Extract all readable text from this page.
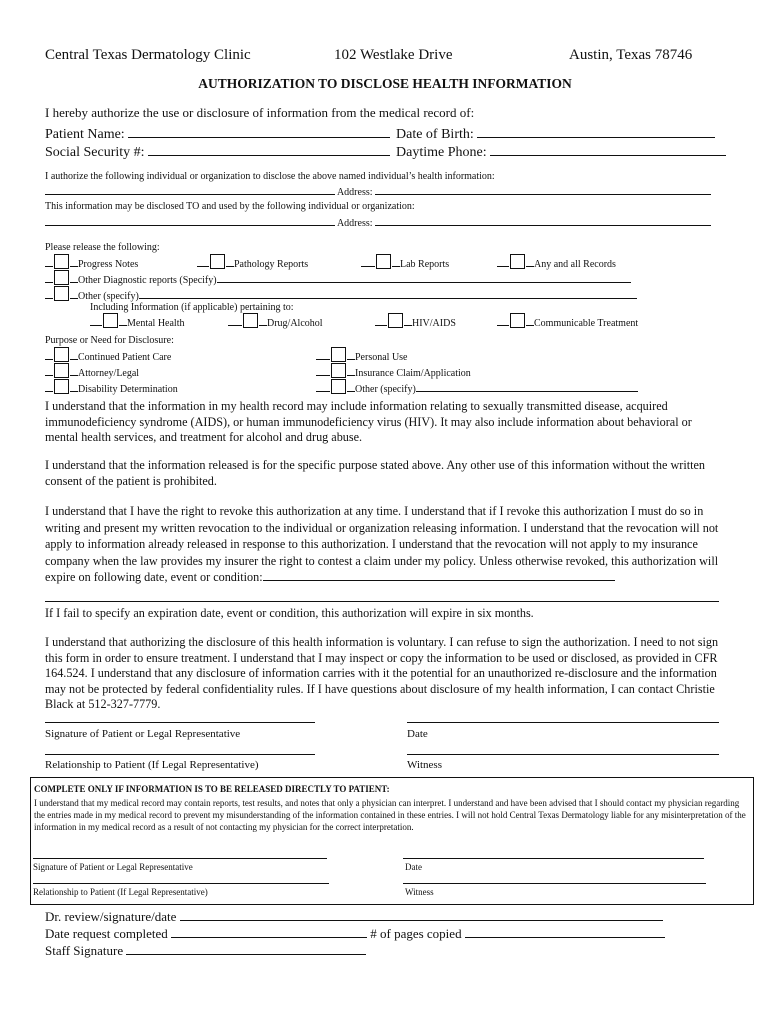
Central Texas Dermatology Clinic	102 Westlake Drive	Austin, Texas 78746
AUTHORIZATION TO DISCLOSE HEALTH INFORMATION
I hereby authorize the use or disclosure of information from the medical record of:
Patient Name:	Date of Birth:
Social Security #:	Daytime Phone:
I authorize the following individual or organization to disclose the above named individual’s health information:
Address:
This information may be disclosed TO and used by the following individual or organization:
Address:
Please release the following:
Progress Notes	Pathology Reports	Lab Reports	Any and all Records
Other Diagnostic reports (Specify)
Other (specify)
Including Information (if applicable) pertaining to:
Mental Health	Drug/Alcohol	HIV/AIDS	Communicable Treatment
Purpose or Need for Disclosure:
Continued Patient Care	Personal Use
Attorney/Legal	Insurance Claim/Application
Disability Determination	Other (specify)
I understand that the information in my health record may include information relating to sexually transmitted disease, acquired immunodeficiency syndrome (AIDS), or human immunodeficiency virus (HIV). It may also include information about behavioral or mental health services, and treatment for alcohol and drug abuse.
I understand that the information released is for the specific purpose stated above. Any other use of this information without the written consent of the patient is prohibited.
I understand that I have the right to revoke this authorization at any time. I understand that if I revoke this authorization I must do so in writing and present my written revocation to the individual or organization releasing information. I understand that the revocation will not apply to information already released in response to this authorization. I understand that the revocation will not apply to my insurance company when the law provides my insurer the right to contest a claim under my policy. Unless otherwise revoked, this authorization will expire on following date, event or condition:
If I fail to specify an expiration date, event or condition, this authorization will expire in six months.
I understand that authorizing the disclosure of this health information is voluntary. I can refuse to sign the authorization. I need to not sign this form in order to ensure treatment. I understand that I may inspect or copy the information to be used or disclosed, as provided in CFR 164.524. I understand that any disclosure of information carries with it the potential for an unauthorized re-disclosure and the information may not be protected by federal confidentiality rules. If I have questions about disclosure of my health information, I can contact Christie Black at 512-327-7779.
Signature of Patient or Legal Representative	Date
Relationship to Patient (If Legal Representative)	Witness
COMPLETE ONLY IF INFORMATION IS TO BE RELEASED DIRECTLY TO PATIENT:
I understand that my medical record may contain reports, test results, and notes that only a physician can interpret. I understand and have been advised that I should contact my physician regarding the entries made in my medical record to prevent my misunderstanding of the information contained in these entries. I will not hold Central Texas Dermatology liable for any misinterpretation of the information in my medical record as a result of not contacting my physician for the correct interpretation.
Signature of Patient or Legal Representative	Date
Relationship to Patient (If Legal Representative)	Witness
Dr. review/signature/date
Date request completed	# of pages copied
Staff Signature
